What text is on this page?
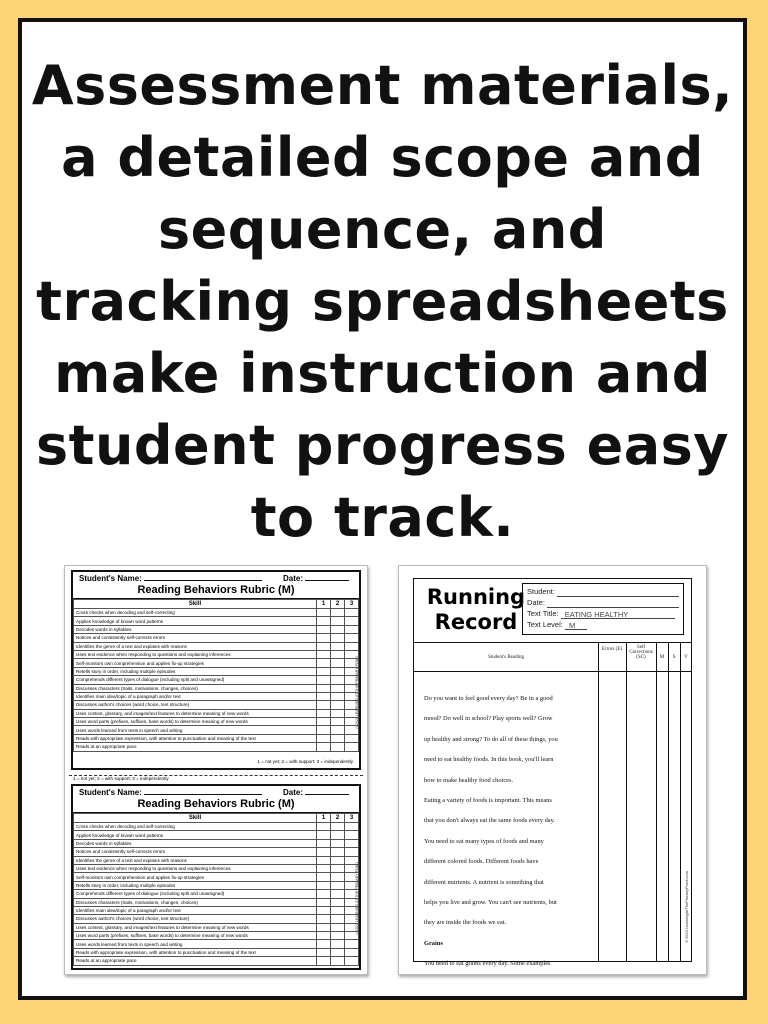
Assessment materials,
a detailed scope and
sequence, and
tracking spreadsheets
make instruction and
student progress easy
to track.
Student's Name:	Date:
Reading Behaviors Rubric (M)
Skill	1	2	3
Cross checks when decoding and self-correcting			
Applies knowledge of known word patterns			
Decodes words in syllables			
Notices and consistently self-corrects errors			
Identifies the genre of a text and explains with reasons			
Uses text evidence when responding to questions and explaining inferences			
Self-monitors own comprehension and applies fix-up strategies			
Retells story in order, including multiple episodes			
Comprehends different types of dialogue (including split and unassigned)			
Discusses characters (traits, motivations, changes, choices)			
Identifies main idea/topic of a paragraph and/or text			
Discusses author's choices (word choice, text structure)			
Uses context, glossary, and images/text features to determine meaning of new words			
Uses word parts (prefixes, suffixes, base words) to determine meaning of new words			
Uses words learned from texts in speech and writing			
Reads with appropriate expression, with attention to punctuation and meaning of the text			
Reads at an appropriate pace			
1 = not yet; 2 = with support; 3 = independently
©2022 LEARNING AT THE PRIMARY POND
1 = not yet; 2 = with support; 3 = independently
Student's Name:	Date:
Reading Behaviors Rubric (M)
Skill	1	2	3
Cross checks when decoding and self-correcting			
Applies knowledge of known word patterns			
Decodes words in syllables			
Notices and consistently self-corrects errors			
Identifies the genre of a text and explains with reasons			
Uses text evidence when responding to questions and explaining inferences			
Self-monitors own comprehension and applies fix-up strategies			
Retells story in order, including multiple episodes			
Comprehends different types of dialogue (including split and unassigned)			
Discusses characters (traits, motivations, changes, choices)			
Identifies main idea/topic of a paragraph and/or text			
Discusses author's choices (word choice, text structure)			
Uses context, glossary, and images/text features to determine meaning of new words			
Uses word parts (prefixes, suffixes, base words) to determine meaning of new words			
Uses words learned from texts in speech and writing			
Reads with appropriate expression, with attention to punctuation and meaning of the text			
Reads at an appropriate pace			
©2022 LEARNING AT THE PRIMARY POND
Running
Record
Student:
Date:
Text Title: EATING HEALTHY
Text Level: M
Student's Reading
Errors (E)	Self Corrections (SC)	M	S	V
Do you want to feel good every day? Be in a good
mood? Do well in school? Play sports well? Grow
up healthy and strong? To do all of these things, you
need to eat healthy foods. In this book, you'll learn
how to make healthy food choices.
Eating a variety of foods is important. This means
that you don't always eat the same foods every day.
You need to eat many types of foods and many
different colored foods. Different foods have
different nutrients. A nutrient is something that
helps you live and grow. You can't see nutrients, but
they are inside the foods we eat.
Grains
You need to eat grains every day. Some examples
©2020 LearningAtThePrimaryPond.com
